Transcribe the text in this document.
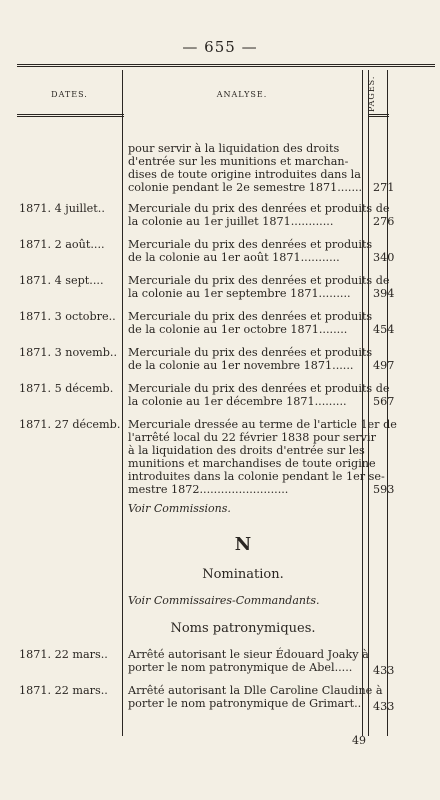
— 655 —
DATES.	ANALYSE.	PAGES.
pour servir à la liquidation des droits
d'entrée sur les munitions et marchan-
dises de toute origine introduites dans la
colonie pendant le 2e semestre 1871....... 271
1871. 4 juillet..	Mercuriale du prix des denrées et produits de
la colonie au 1er juillet 1871............	276
1871. 2 août....	Mercuriale du prix des denrées et produits
de la colonie au 1er août 1871...........	340
1871. 4 sept....	Mercuriale du prix des denrées et produits de
la colonie au 1er septembre 1871.........	394
1871. 3 octobre..	Mercuriale du prix des denrées et produits
de la colonie au 1er octobre 1871........	454
1871. 3 novemb.. Mercuriale du prix des denrées et produits
de la colonie au 1er novembre 1871......	497
1871. 5 décemb.	Mercuriale du prix des denrées et produits de
la colonie au 1er décembre 1871.........	567
1871. 27 décemb. Mercuriale dressée au terme de l'article 1er de
l'arrêté local du 22 février 1838 pour servir
à la liquidation des droits d'entrée sur les
munitions et marchandises de toute origine
introduites dans la colonie pendant le 1er se-
mestre 1872.........................	593
Voir Commissions.
N
Nomination.
Voir Commissaires-Commandants.
Noms patronymiques.
1871. 22 mars..	Arrêté autorisant le sieur Édouard Joaky à
porter le nom patronymique de Abel.....	433
1871. 22 mars..	Arrêté autorisant la Dlle Caroline Claudine à
porter le nom patronymique de Grimart.. 433
49
